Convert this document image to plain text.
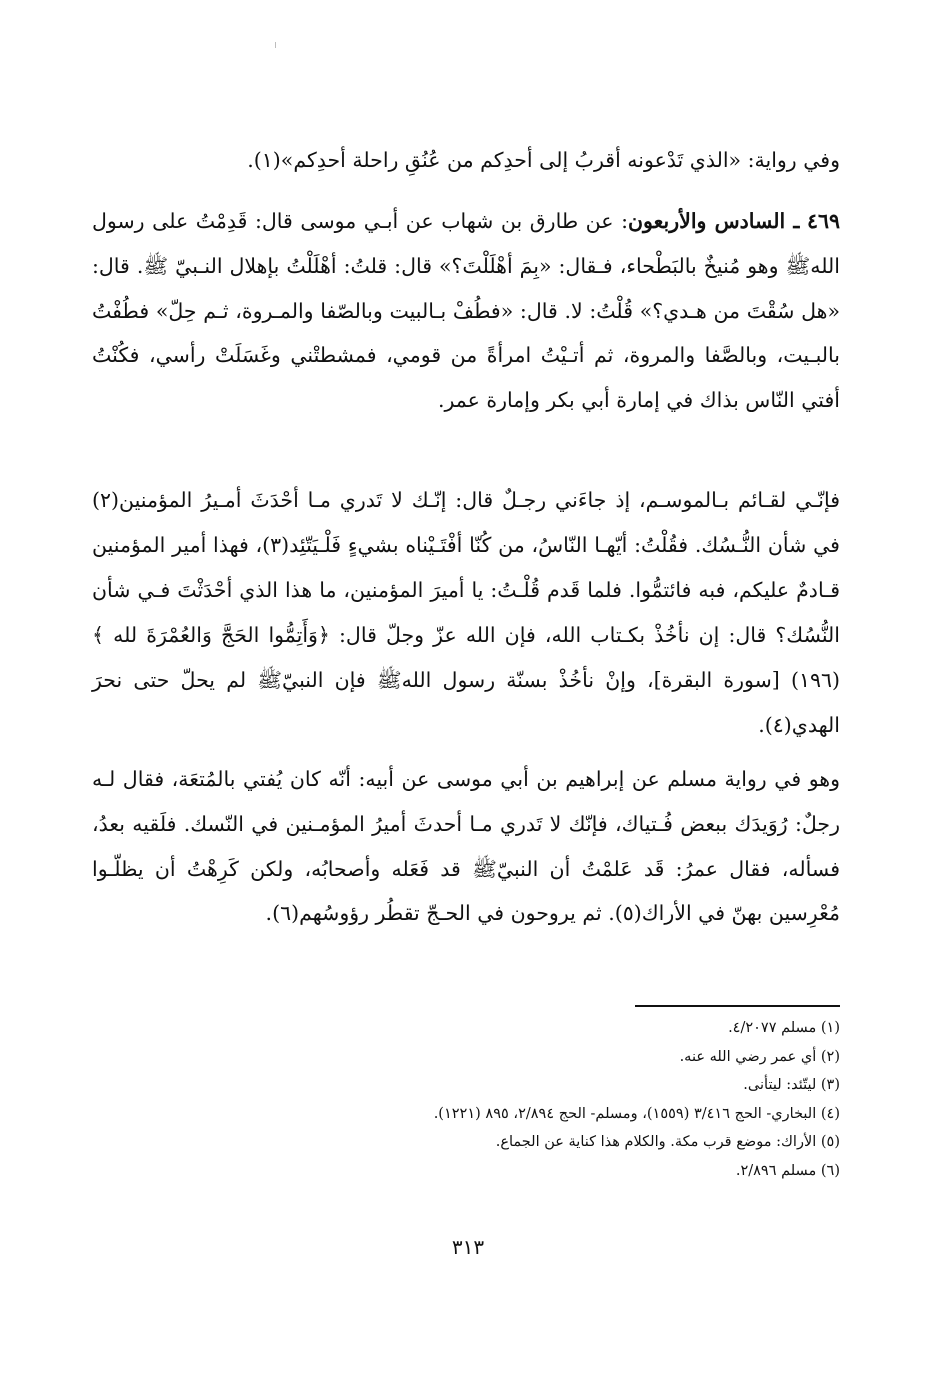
وفي رواية: «الذي تَدْعونه أقربُ إلى أحدِكم من عُنُقِ راحلة أحدِكم»(١).

٤٦٩ ـ السادس والأربعون: عن طارق بن شهاب عن أبـي موسى قال: قَدِمْتُ على رسول اللهﷺ وهو مُنيخٌ بالبَطْحاء، فـقال: «بِمَ أهْلَلْتَ؟» قال: قلتُ: أهْلَلْتُ بإهلال النـبيّ ﷺ. قال: «هل سُقْتَ من هـدي؟» قُلْتُ: لا. قال: «فطُفْ بـالبيت وبالصّفا والمـروة، ثـم حِلّ» فطُفْتُ بالبـيت، وبالصَّفا والمروة، ثم أتـيْتُ امرأةً من قومي، فمشطتْني وغَسَلَتْ رأسي، فكُنْتُ أفتي النّاس بذاك في إمارة أبي بكر وإمارة عمر.

فإنّـي لقـائم بـالموسـم، إذ جاءَني رجـلٌ قال: إنّـك لا تَدري مـا أحْدَثَ أمـيرُ المؤمنين(٢) في شأن النُّـسُك. فقُلْتُ: أيّهـا النّاسُ، من كُنّا أفْتَـيْناه بشيءٍ فَلْـيَتّئِد(٣)، فهذا أمير المؤمنين قـادمٌ عليكم، فبه فائتمُّوا. فلما قَدم قُلْـتُ: يا أميرَ المؤمنين، ما هذا الذي أحْدَثْتَ فـي شأن النُّسُك؟ قال: إن نأخُذْ بكـتاب الله، فإن الله عزّ وجلّ قال: ﴿وَأَتِمُّوا الحَجَّ وَالعُمْرَةَ لله ﴾ (١٩٦) [سورة البقرة]، وإنْ نأخُذْ بسنّة رسول اللهﷺ فإن النبيّﷺ لم يحلّ حتى نحرَ الهدي(٤).

وهو في رواية مسلم عن إبراهيم بن أبي موسى عن أبيه: أنّه كان يُفتي بالمُتعَة، فقال لـه رجلٌ: رُوَيدَك ببعض فُـتياك، فإنّك لا تَدري مـا أحدثَ أميرُ المؤمـنين في النّسك. فلَقيه بعدُ، فسأله، فقال عمرُ: قَد عَلمْتُ أن النبيّﷺ قد فَعَله وأصحابُه، ولكن كَرِهْتُ أن يظلّـوا مُعْرِسين بهنّ في الأراك(٥). ثم يروحون في الحـجّ تقطُر رؤوسُهم(٦).

(١) مسلم ٤/٢٠٧٧.
(٢) أي عمر رضي الله عنه.
(٣) ليتّئد: ليتأنى.
(٤) البخاري- الحج ٣/٤١٦ (١٥٥٩)، ومسلم- الحج ٢/٨٩٤، ٨٩٥ (١٢٢١).
(٥) الأراك: موضع قرب مكة. والكلام هذا كناية عن الجماع.
(٦) مسلم ٢/٨٩٦.
٣١٣
